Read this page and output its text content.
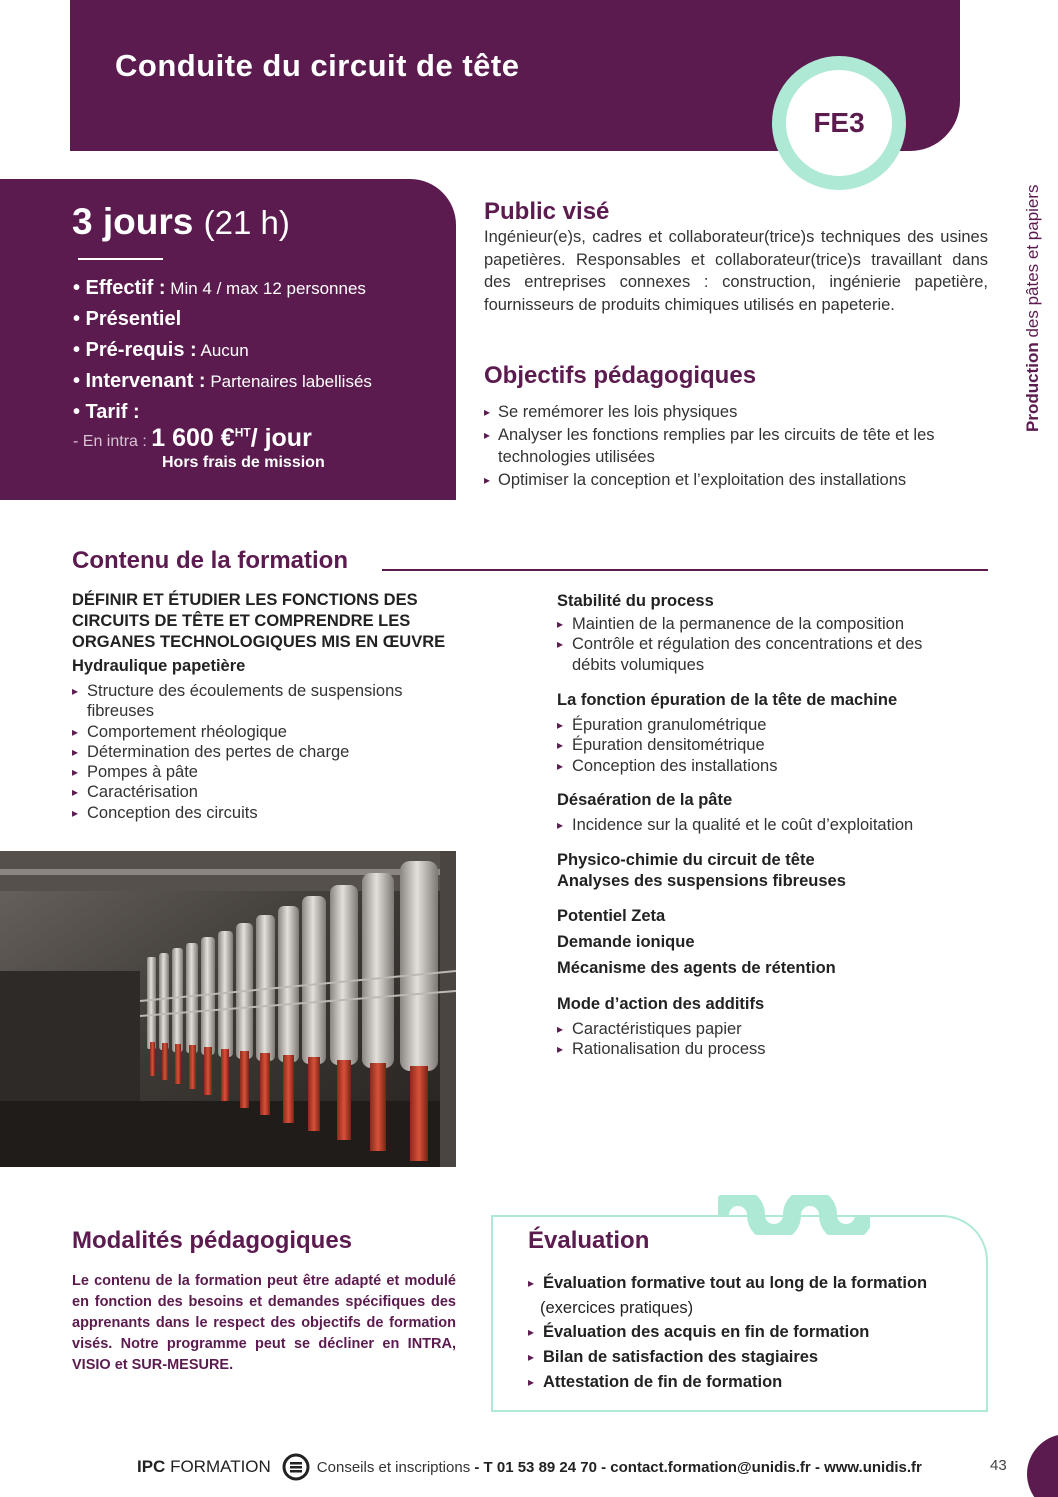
Conduite du circuit de tête
FE3
Production des pâtes et papiers
3 jours (21 h)
• Effectif : Min 4 / max 12 personnes
• Présentiel
• Pré-requis : Aucun
• Intervenant : Partenaires labellisés
• Tarif :
- En intra : 1 600 €$^{HT}$/ jour
Hors frais de mission
Public visé
Ingénieur(e)s, cadres et collaborateur(trice)s techniques des usines papetières. Responsables et collaborateur(trice)s travaillant dans des entreprises connexes : construction, ingénierie papetière, fournisseurs de produits chimiques utilisés en papeterie.
Objectifs pédagogiques
▸ Se remémorer les lois physiques
▸ Analyser les fonctions remplies par les circuits de tête et les technologies utilisées
▸ Optimiser la conception et l’exploitation des installations
Contenu de la formation
DÉFINIR ET ÉTUDIER LES FONCTIONS DES CIRCUITS DE TÊTE ET COMPRENDRE LES ORGANES TECHNOLOGIQUES MIS EN ŒUVRE
Hydraulique papetière
▸ Structure des écoulements de suspensions fibreuses
▸ Comportement rhéologique
▸ Détermination des pertes de charge
▸ Pompes à pâte
▸ Caractérisation
▸ Conception des circuits
Stabilité du process
▸ Maintien de la permanence de la composition
▸ Contrôle et régulation des concentrations et des débits volumiques
La fonction épuration de la tête de machine
▸ Épuration granulométrique
▸ Épuration densitométrique
▸ Conception des installations
Désaération de la pâte
▸ Incidence sur la qualité et le coût d’exploitation
Physico-chimie du circuit de tête
Analyses des suspensions fibreuses
Potentiel Zeta
Demande ionique
Mécanisme des agents de rétention
Mode d’action des additifs
▸ Caractéristiques papier
▸ Rationalisation du process
Modalités pédagogiques
Le contenu de la formation peut être adapté et modulé en fonction des besoins et demandes spécifiques des apprenants dans le respect des objectifs de formation visés. Notre programme peut se décliner en INTRA, VISIO et SUR-MESURE.
Évaluation
▸ Évaluation formative tout au long de la formation
(exercices pratiques)
▸ Évaluation des acquis en fin de formation
▸ Bilan de satisfaction des stagiaires
▸ Attestation de fin de formation
IPC FORMATION	Conseils et inscriptions - T 01 53 89 24 70 - contact.formation@unidis.fr - www.unidis.fr	43
